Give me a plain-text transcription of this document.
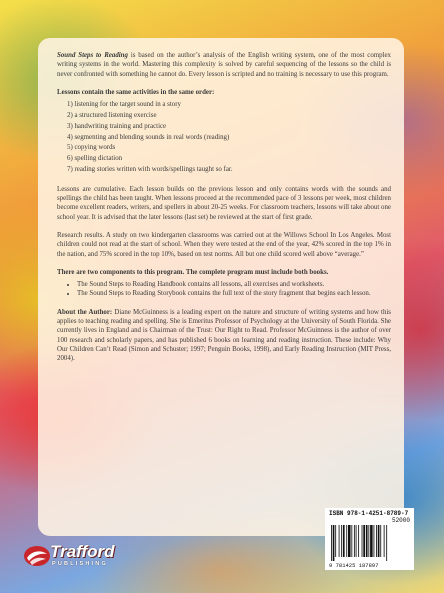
Sound Steps to Reading is based on the author’s analysis of the English writing system, one of the most complex writing systems in the world. Mastering this complexity is solved by careful sequencing of the lessons so the child is never confronted with something he cannot do. Every lesson is scripted and no training is necessary to use this program.

Lessons contain the same activities in the same order:

1) listening for the target sound in a story
2) a structured listening exercise
3) handwriting training and practice
4) segmenting and blending sounds in real words (reading)
5) copying words
6) spelling dictation
7) reading stories written with words/spellings taught so far.

Lessons are cumulative. Each lesson builds on the previous lesson and only contains words with the sounds and spellings the child has been taught. When lessons proceed at the recommended pace of 3 lessons per week, most children become excellent readers, writers, and spellers in about 20-25 weeks. For classroom teachers, lessons will take about one school year. It is advised that the later lessons (last set) be reviewed at the start of first grade.

Research results. A study on two kindergarten classrooms was carried out at the Willows School In Los Angeles. Most children could not read at the start of school. When they were tested at the end of the year, 42% scored in the top 1% in the nation, and 75% scored in the top 10%, based on test norms. All but one child scored well above “average.”

There are two components to this program. The complete program must include both books.

• The Sound Steps to Reading Handbook contains all lessons, all exercises and worksheets.
• The Sound Steps to Reading Storybook contains the full text of the story fragment that begins each lesson.

About the Author: Diane McGuinness is a leading expert on the nature and structure of writing systems and how this applies to teaching reading and spelling. She is Emeritus Professor of Psychology at the University of South Florida. She currently lives in England and is Chairman of the Trust: Our Right to Read. Professor McGuinness is the author of over 100 research and scholarly papers, and has published 6 books on learning and reading instruction. These include: Why Our Children Can’t Read (Simon and Schuster; 1997; Penguin Books, 1998), and Early Reading Instruction (MIT Press, 2004).

ISBN 978-1-4251-8789-7
52000
9 781425 187897
Trafford
PUBLISHING
